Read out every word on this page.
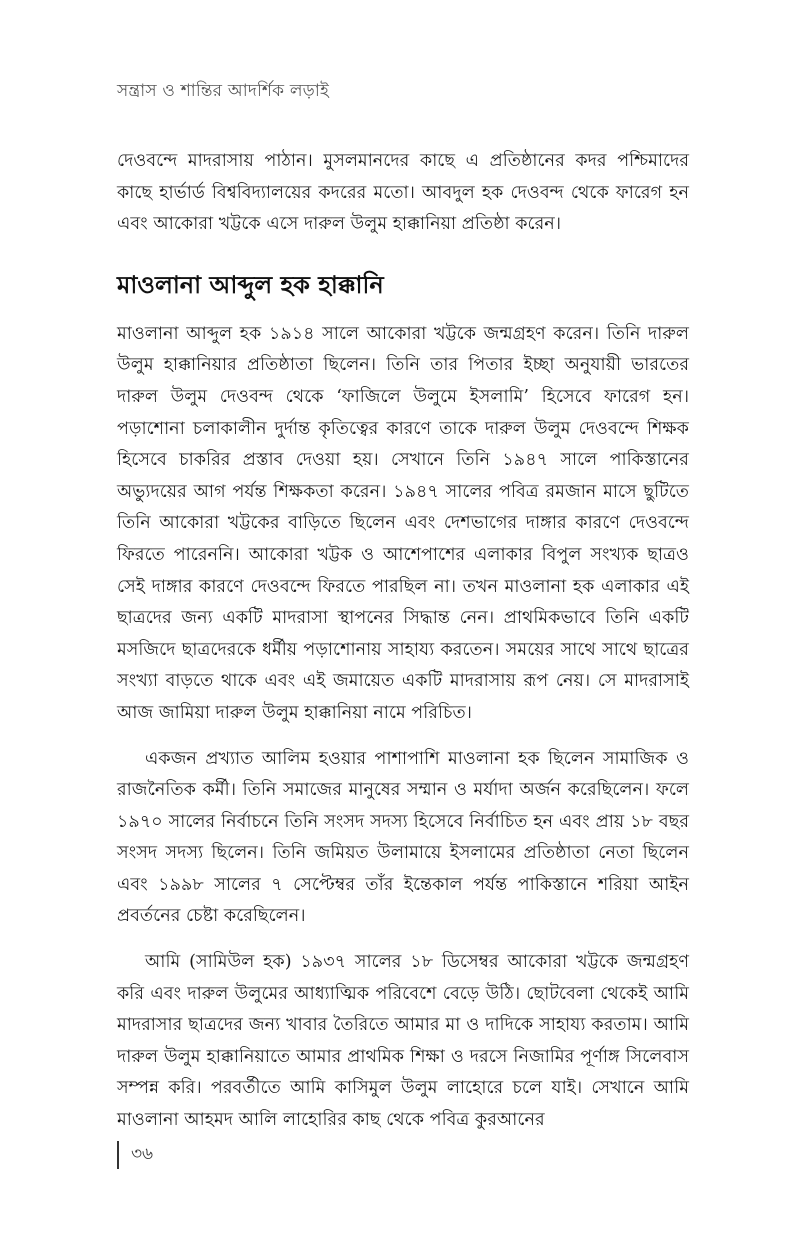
সন্ত্রাস ও শান্তির আদর্শিক লড়াই

দেওবন্দে মাদরাসায় পাঠান। মুসলমানদের কাছে এ প্রতিষ্ঠানের কদর পশ্চিমাদের কাছে হার্ভার্ড বিশ্ববিদ্যালয়ের কদরের মতো। আবদুল হক দেওবন্দ থেকে ফারেগ হন এবং আকোরা খট্টকে এসে দারুল উলুম হাক্কানিয়া প্রতিষ্ঠা করেন।

মাওলানা আব্দুল হক হাক্কানি

মাওলানা আব্দুল হক ১৯১৪ সালে আকোরা খট্টকে জন্মগ্রহণ করেন। তিনি দারুল উলুম হাক্কানিয়ার প্রতিষ্ঠাতা ছিলেন। তিনি তার পিতার ইচ্ছা অনুযায়ী ভারতের দারুল উলুম দেওবন্দ থেকে ‘ফাজিলে উলুমে ইসলামি’ হিসেবে ফারেগ হন। পড়াশোনা চলাকালীন দুর্দান্ত কৃতিত্বের কারণে তাকে দারুল উলুম দেওবন্দে শিক্ষক হিসেবে চাকরির প্রস্তাব দেওয়া হয়। সেখানে তিনি ১৯৪৭ সালে পাকিস্তানের অভ্যুদয়ের আগ পর্যন্ত শিক্ষকতা করেন। ১৯৪৭ সালের পবিত্র রমজান মাসে ছুটিতে তিনি আকোরা খট্টকের বাড়িতে ছিলেন এবং দেশভাগের দাঙ্গার কারণে দেওবন্দে ফিরতে পারেননি। আকোরা খট্টক ও আশেপাশের এলাকার বিপুল সংখ্যক ছাত্রও সেই দাঙ্গার কারণে দেওবন্দে ফিরতে পারছিল না। তখন মাওলানা হক এলাকার এই ছাত্রদের জন্য একটি মাদরাসা স্থাপনের সিদ্ধান্ত নেন। প্রাথমিকভাবে তিনি একটি মসজিদে ছাত্রদেরকে ধর্মীয় পড়াশোনায় সাহায্য করতেন। সময়ের সাথে সাথে ছাত্রের সংখ্যা বাড়তে থাকে এবং এই জমায়েত একটি মাদরাসায় রূপ নেয়। সে মাদরাসাই আজ জামিয়া দারুল উলুম হাক্কানিয়া নামে পরিচিত।

একজন প্রখ্যাত আলিম হওয়ার পাশাপাশি মাওলানা হক ছিলেন সামাজিক ও রাজনৈতিক কর্মী। তিনি সমাজের মানুষের সম্মান ও মর্যাদা অর্জন করেছিলেন। ফলে ১৯৭০ সালের নির্বাচনে তিনি সংসদ সদস্য হিসেবে নির্বাচিত হন এবং প্রায় ১৮ বছর সংসদ সদস্য ছিলেন। তিনি জমিয়ত উলামায়ে ইসলামের প্রতিষ্ঠাতা নেতা ছিলেন এবং ১৯৯৮ সালের ৭ সেপ্টেম্বর তাঁর ইন্তেকাল পর্যন্ত পাকিস্তানে শরিয়া আইন প্রবর্তনের চেষ্টা করেছিলেন।

আমি (সামিউল হক) ১৯৩৭ সালের ১৮ ডিসেম্বর আকোরা খট্টকে জন্মগ্রহণ করি এবং দারুল উলুমের আধ্যাত্মিক পরিবেশে বেড়ে উঠি। ছোটবেলা থেকেই আমি মাদরাসার ছাত্রদের জন্য খাবার তৈরিতে আমার মা ও দাদিকে সাহায্য করতাম। আমি দারুল উলুম হাক্কানিয়াতে আমার প্রাথমিক শিক্ষা ও দরসে নিজামির পূর্ণাঙ্গ সিলেবাস সম্পন্ন করি। পরবর্তীতে আমি কাসিমুল উলুম লাহোরে চলে যাই। সেখানে আমি মাওলানা আহমদ আলি লাহোরির কাছ থেকে পবিত্র কুরআনের

৩৬
